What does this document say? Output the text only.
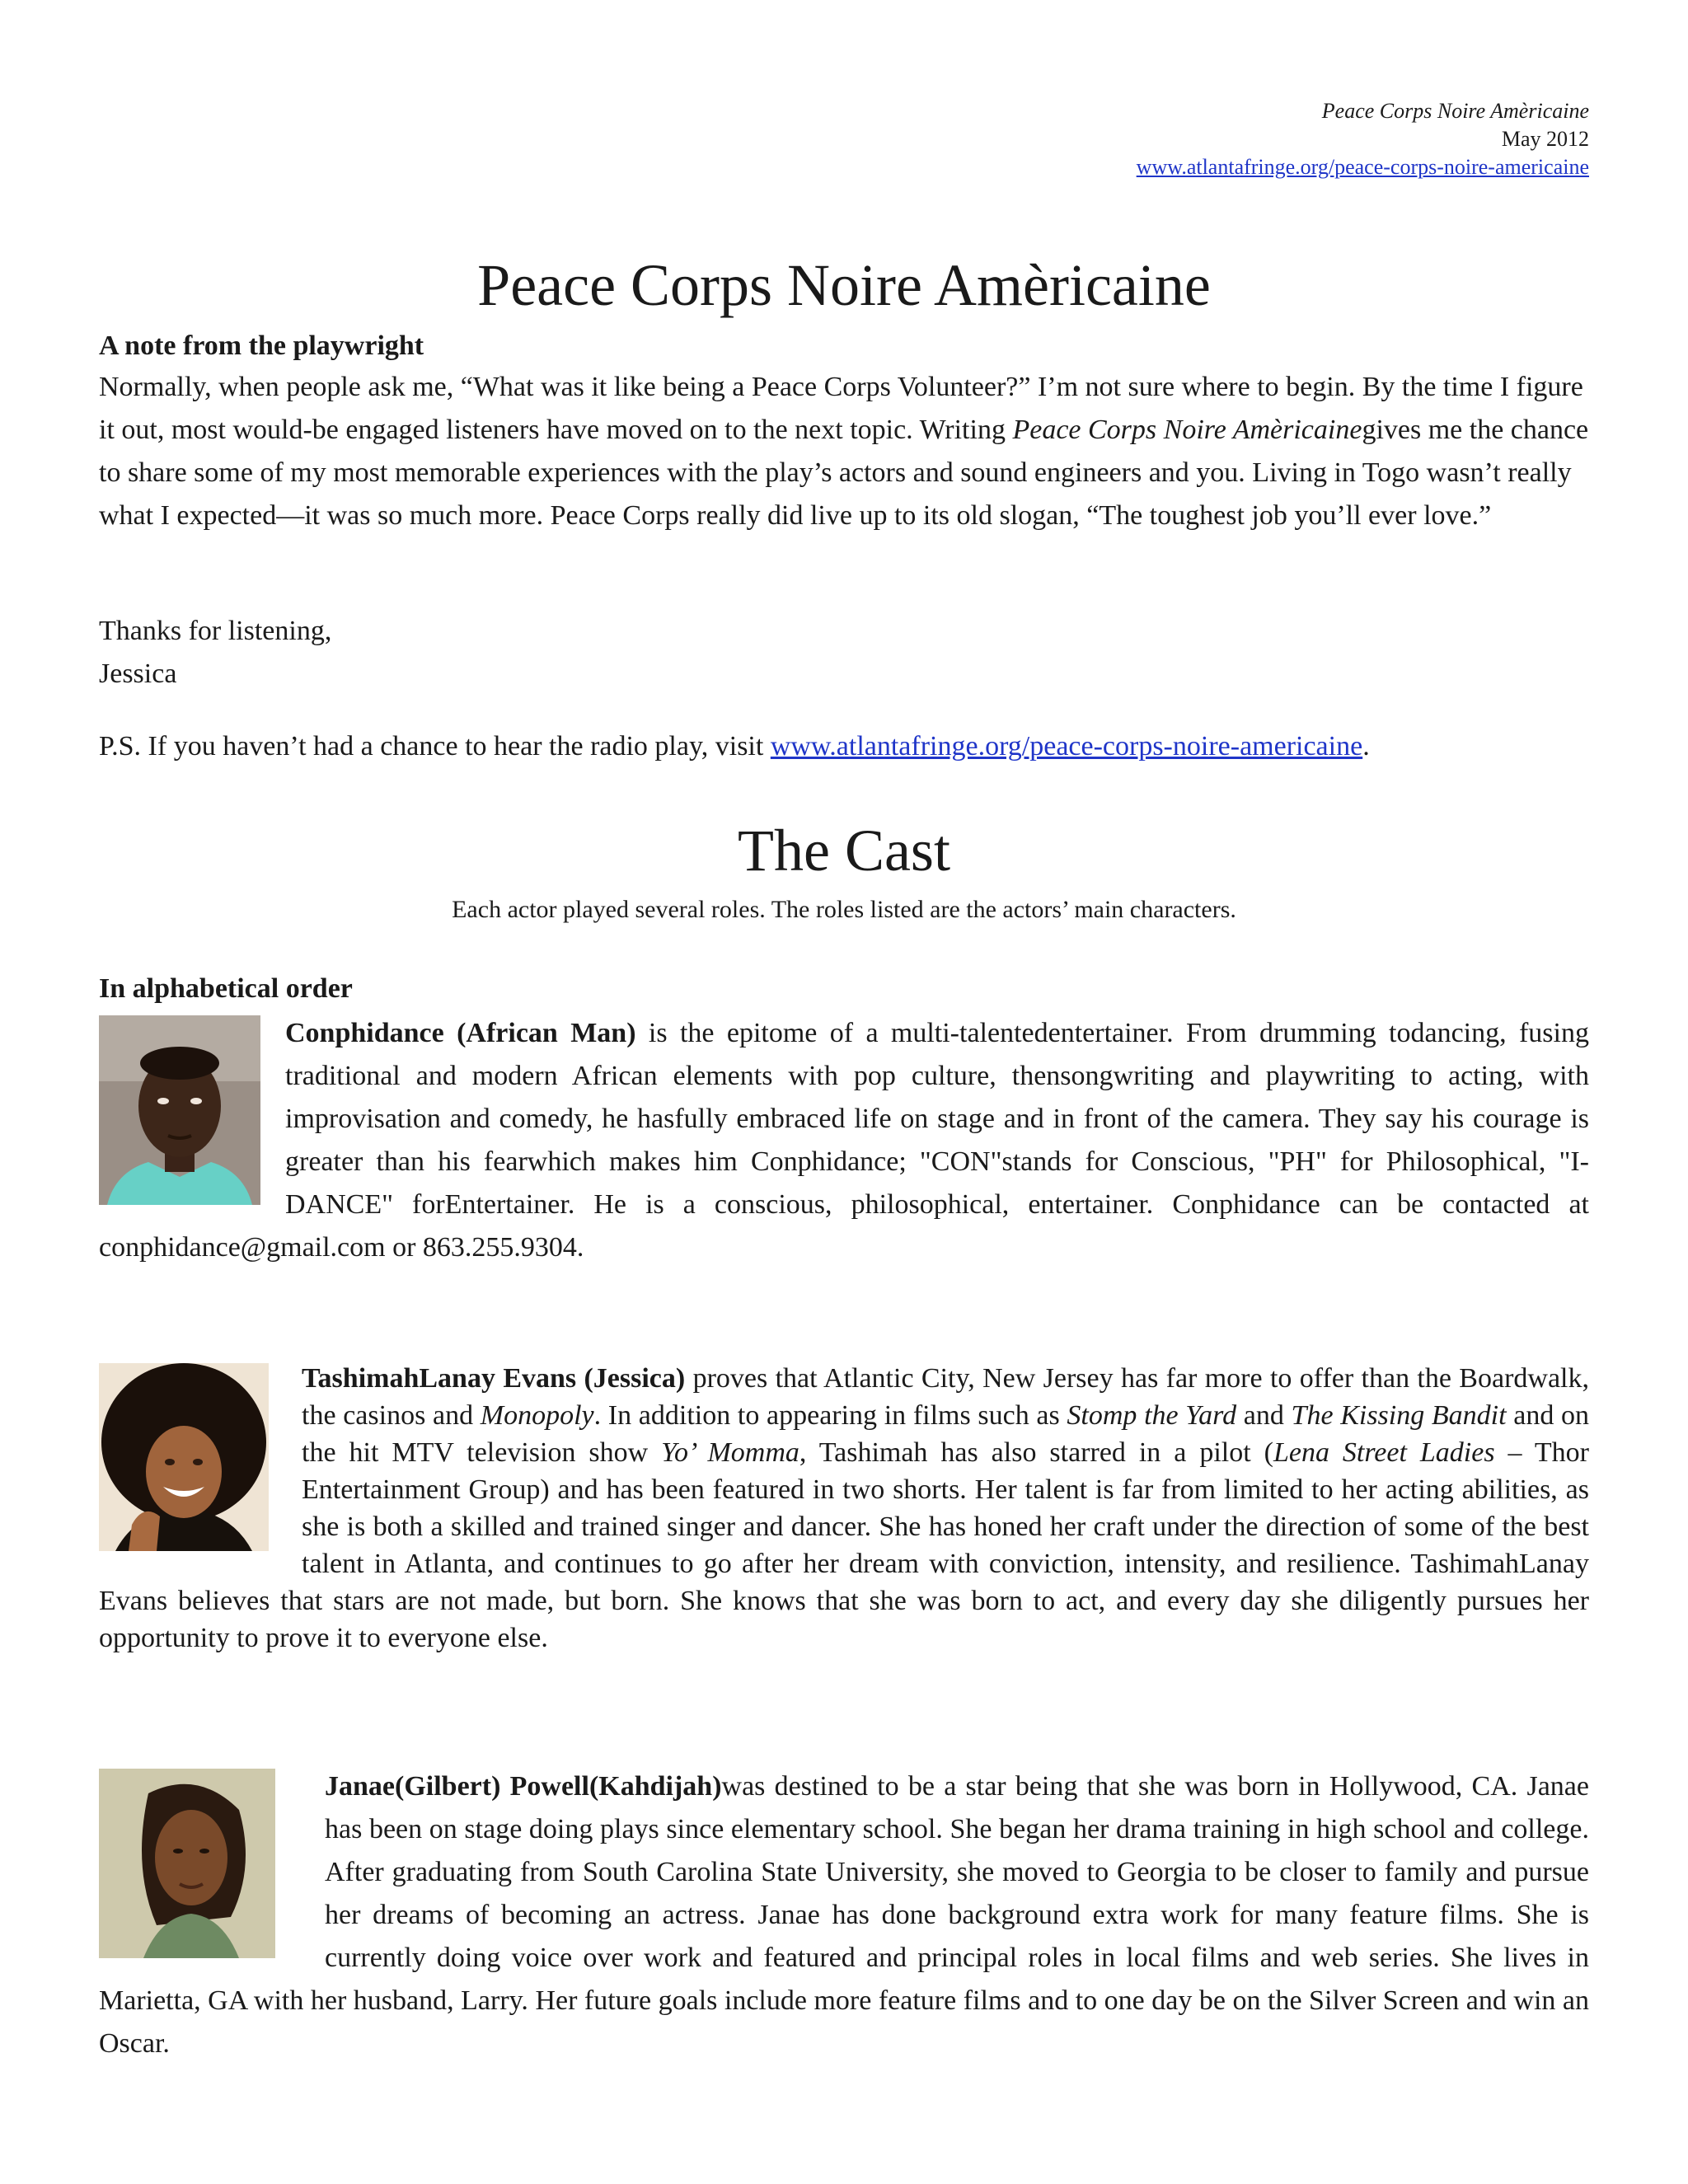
Peace Corps Noire Amèricaine
May 2012
www.atlantafringe.org/peace-corps-noire-americaine
Peace Corps Noire Amèricaine
A note from the playwright

Normally, when people ask me, “What was it like being a Peace Corps Volunteer?” I’m not sure where to begin. By the time I figure it out, most would-be engaged listeners have moved on to the next topic. Writing Peace Corps Noire Amèricainegives me the chance to share some of my most memorable experiences with the play’s actors and sound engineers and you. Living in Togo wasn’t really what I expected—it was so much more. Peace Corps really did live up to its old slogan, “The toughest job you’ll ever love.”

Thanks for listening,
Jessica

P.S. If you haven’t had a chance to hear the radio play, visit www.atlantafringe.org/peace-corps-noire-americaine.

The Cast

Each actor played several roles. The roles listed are the actors’ main characters.

In alphabetical order
Conphidance (African Man) is the epitome of a multi-talentedentertainer. From drumming todancing, fusing traditional and modern African elements with pop culture, thensongwriting and playwriting to acting, with improvisation and comedy, he hasfully embraced life on stage and in front of the camera. They say his courage is greater than his fearwhich makes him Conphidance; "CON"stands for Conscious, "PH" for Philosophical, "I-DANCE" forEntertainer. He is a conscious, philosophical, entertainer. Conphidance can be contacted at conphidance@gmail.com or 863.255.9304.
TashimahLanay Evans (Jessica) proves that Atlantic City, New Jersey has far more to offer than the Boardwalk, the casinos and Monopoly. In addition to appearing in films such as Stomp the Yard and The Kissing Bandit and on the hit MTV television show Yo’ Momma, Tashimah has also starred in a pilot (Lena Street Ladies – Thor Entertainment Group) and has been featured in two shorts. Her talent is far from limited to her acting abilities, as she is both a skilled and trained singer and dancer. She has honed her craft under the direction of some of the best talent in Atlanta, and continues to go after her dream with conviction, intensity, and resilience. TashimahLanay Evans believes that stars are not made, but born. She knows that she was born to act, and every day she diligently pursues her opportunity to prove it to everyone else.
Janae(Gilbert) Powell(Kahdijah)was destined to be a star being that she was born in Hollywood, CA. Janae has been on stage doing plays since elementary school. She began her drama training in high school and college. After graduating from South Carolina State University, she moved to Georgia to be closer to family and pursue her dreams of becoming an actress. Janae has done background extra work for many feature films. She is currently doing voice over work and featured and principal roles in local films and web series. She lives in Marietta, GA with her husband, Larry. Her future goals include more feature films and to one day be on the Silver Screen and win an Oscar.
